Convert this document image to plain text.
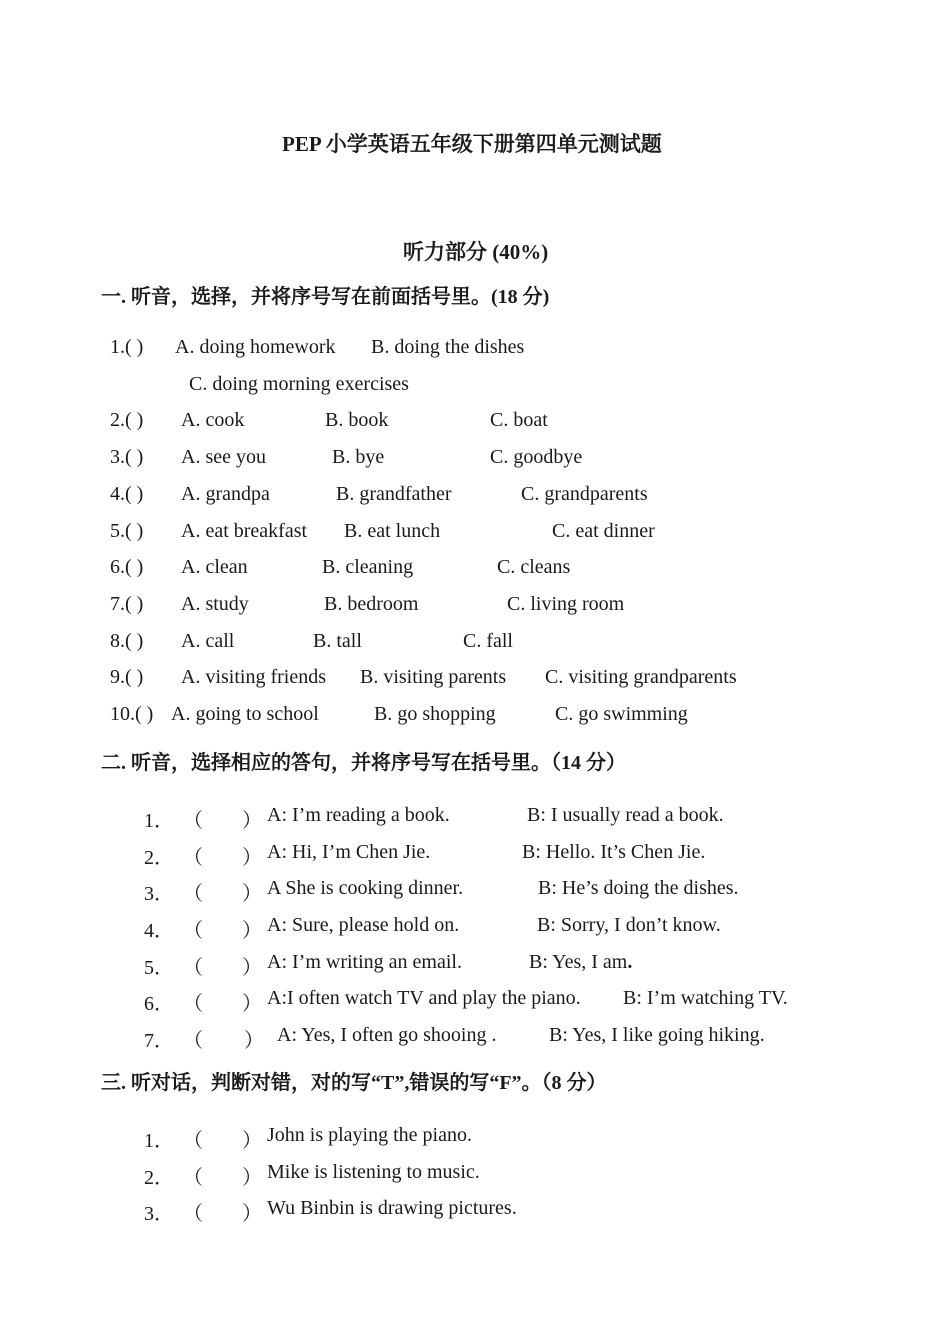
PEP 小学英语五年级下册第四单元测试题
听力部分 (40%)
一. 听音，选择，并将序号写在前面括号里。(18 分)
1.( ) A. doing homework B. doing the dishes
C. doing morning exercises
2.( ) A. cook	B. book	C. boat
3.( ) A. see you	B. bye	C. goodbye
4.( ) A. grandpa	B. grandfather	C. grandparents
5.( ) A. eat breakfast B. eat lunch	C. eat dinner
6.( ) A. clean	B. cleaning	C. cleans
7.( ) A. study	B. bedroom	C. living room
8.( ) A. call	B. tall	C. fall
9.( ) A. visiting friends B. visiting parents C. visiting grandparents
10.( ) A. going to school	B. go shopping	C. go swimming
二. 听音，选择相应的答句，并将序号写在括号里。（14 分）
1． （ ） A: I’m reading a book.	B: I usually read a book.
2． （ ） A: Hi, I’m Chen Jie.	B: Hello. It’s Chen Jie.
3． （ ） A She is cooking dinner.	B: He’s doing the dishes.
4． （ ） A: Sure, please hold on.	B: Sorry, I don’t know.
5． （ ） A: I’m writing an email.	B: Yes, I am.
6． （ ） A:I often watch TV and play the piano. B: I’m watching TV.
7． （ ） A: Yes, I often go shooing .	B: Yes, I like going hiking.
三. 听对话，判断对错，对的写“T”,错误的写“F”。（8 分）
1． （ ） John is playing the piano.
2． （ ） Mike is listening to music.
3． （ ） Wu Binbin is drawing pictures.
